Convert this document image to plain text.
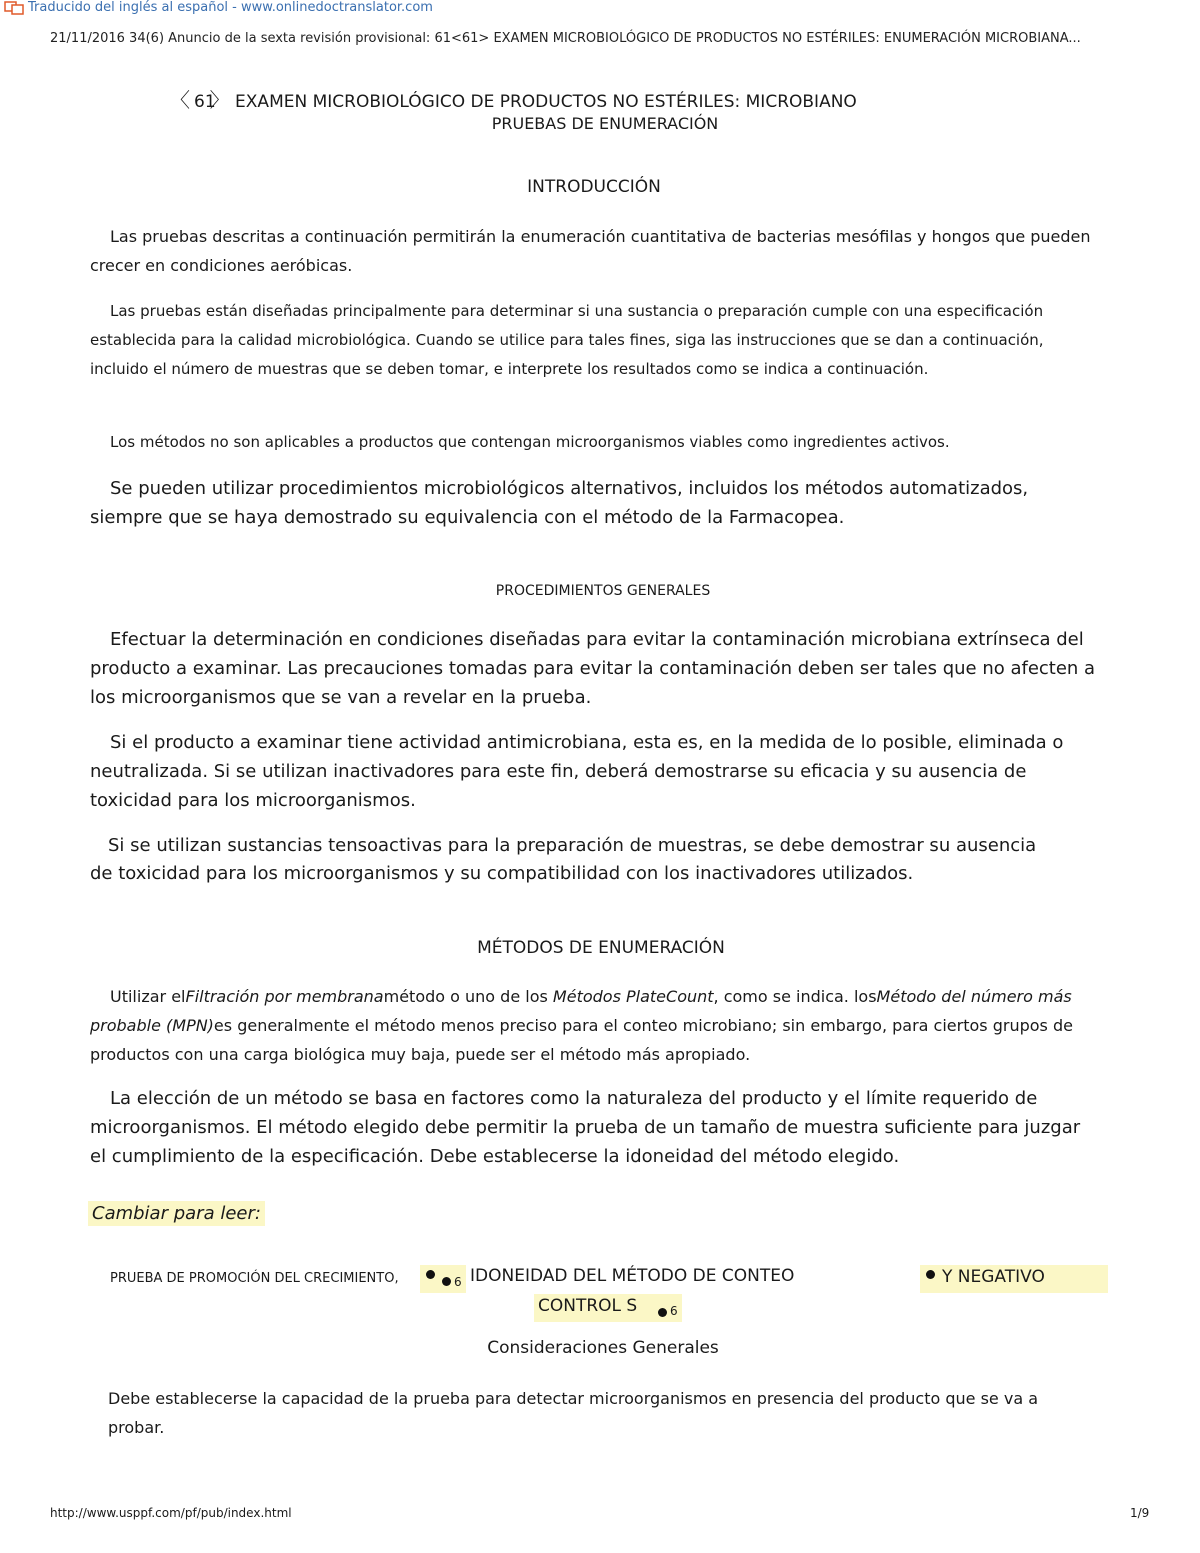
Traducido del inglés al español - www.onlinedoctranslator.com
21/11/2016 34(6) Anuncio de la sexta revisión provisional: 61<61> EXAMEN MICROBIOLÓGICO DE PRODUCTOS NO ESTÉRILES: ENUMERACIÓN MICROBIANA...
〈 61〉 EXAMEN MICROBIOLÓGICO DE PRODUCTOS NO ESTÉRILES: MICROBIANO
PRUEBAS DE ENUMERACIÓN
INTRODUCCIÓN
Las pruebas descritas a continuación permitirán la enumeración cuantitativa de bacterias mesófilas y hongos que pueden crecer en condiciones aeróbicas.
Las pruebas están diseñadas principalmente para determinar si una sustancia o preparación cumple con una especificación establecida para la calidad microbiológica. Cuando se utilice para tales fines, siga las instrucciones que se dan a continuación, incluido el número de muestras que se deben tomar, e interprete los resultados como se indica a continuación.
Los métodos no son aplicables a productos que contengan microorganismos viables como ingredientes activos.
Se pueden utilizar procedimientos microbiológicos alternativos, incluidos los métodos automatizados, siempre que se haya demostrado su equivalencia con el método de la Farmacopea.
PROCEDIMIENTOS GENERALES
Efectuar la determinación en condiciones diseñadas para evitar la contaminación microbiana extrínseca del producto a examinar. Las precauciones tomadas para evitar la contaminación deben ser tales que no afecten a los microorganismos que se van a revelar en la prueba.
Si el producto a examinar tiene actividad antimicrobiana, esta es, en la medida de lo posible, eliminada o neutralizada. Si se utilizan inactivadores para este fin, deberá demostrarse su eficacia y su ausencia de toxicidad para los microorganismos.
Si se utilizan sustancias tensoactivas para la preparación de muestras, se debe demostrar su ausencia
de toxicidad para los microorganismos y su compatibilidad con los inactivadores utilizados.
MÉTODOS DE ENUMERACIÓN
Utilizar elFiltración por membranamétodo o uno de los Métodos PlateCount, como se indica. losMétodo del número más probable (MPN)es generalmente el método menos preciso para el conteo microbiano; sin embargo, para ciertos grupos de productos con una carga biológica muy baja, puede ser el método más apropiado.
La elección de un método se basa en factores como la naturaleza del producto y el límite requerido de microorganismos. El método elegido debe permitir la prueba de un tamaño de muestra suficiente para juzgar el cumplimiento de la especificación. Debe establecerse la idoneidad del método elegido.
Cambiar para leer:
PRUEBA DE PROMOCIÓN DEL CRECIMIENTO,	6 IDONEIDAD DEL MÉTODO DE CONTEO	Y NEGATIVO
CONTROL S	6
Consideraciones Generales
Debe establecerse la capacidad de la prueba para detectar microorganismos en presencia del producto que se va a probar.
http://www.usppf.com/pf/pub/index.html	1/9
